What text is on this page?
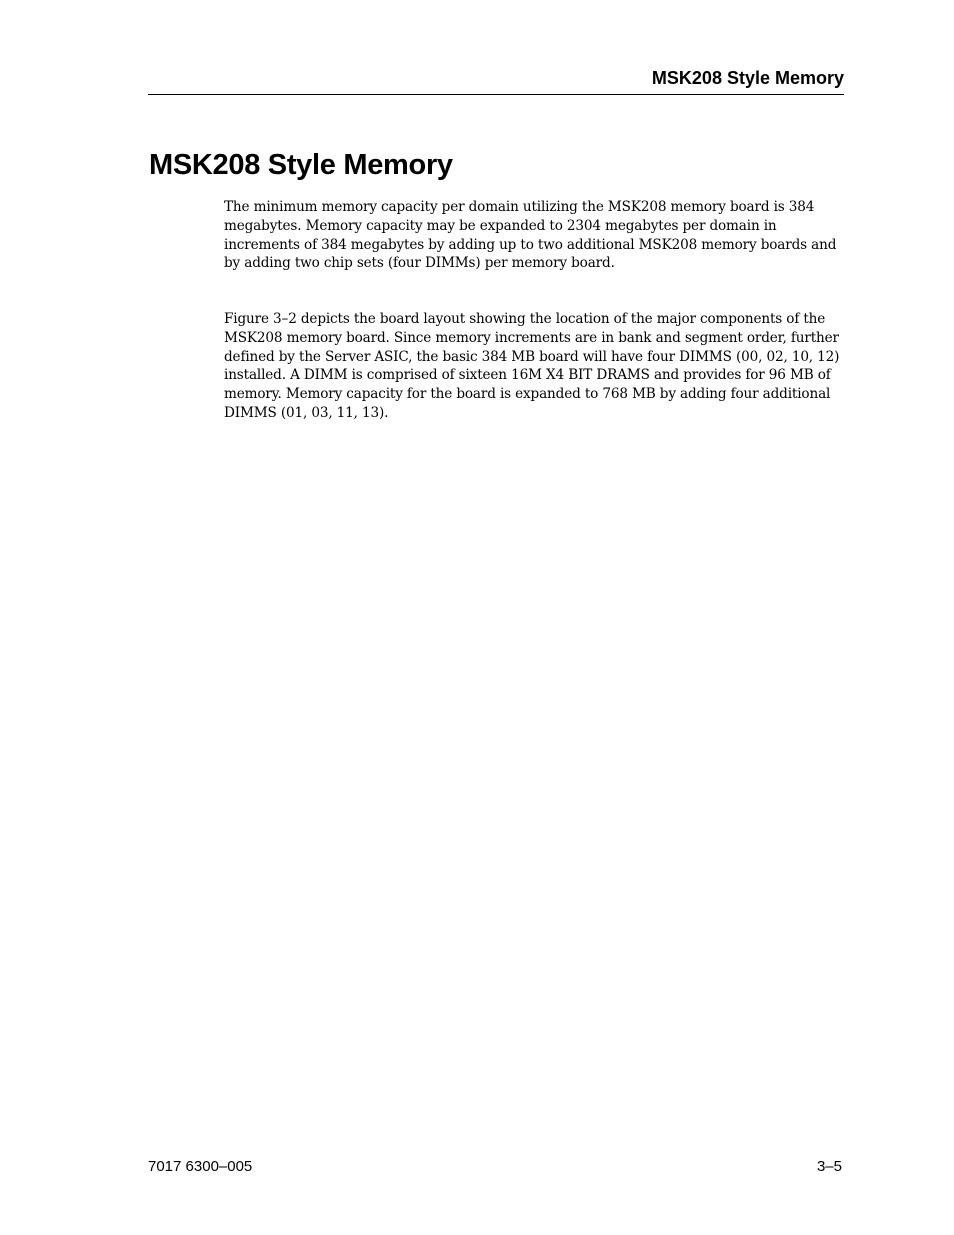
MSK208 Style Memory
MSK208 Style Memory

The minimum memory capacity per domain utilizing the MSK208 memory board is 384 megabytes. Memory capacity may be expanded to 2304 megabytes per domain in increments of 384 megabytes by adding up to two additional MSK208 memory boards and by adding two chip sets (four DIMMs) per memory board.

Figure 3–2 depicts the board layout showing the location of the major components of the MSK208 memory board. Since memory increments are in bank and segment order, further defined by the Server ASIC, the basic 384 MB board will have four DIMMS (00, 02, 10, 12) installed. A DIMM is comprised of sixteen 16M X4 BIT DRAMS and provides for 96 MB of memory. Memory capacity for the board is expanded to 768 MB by adding four additional DIMMS (01, 03, 11, 13).

7017 6300–005	3–5
